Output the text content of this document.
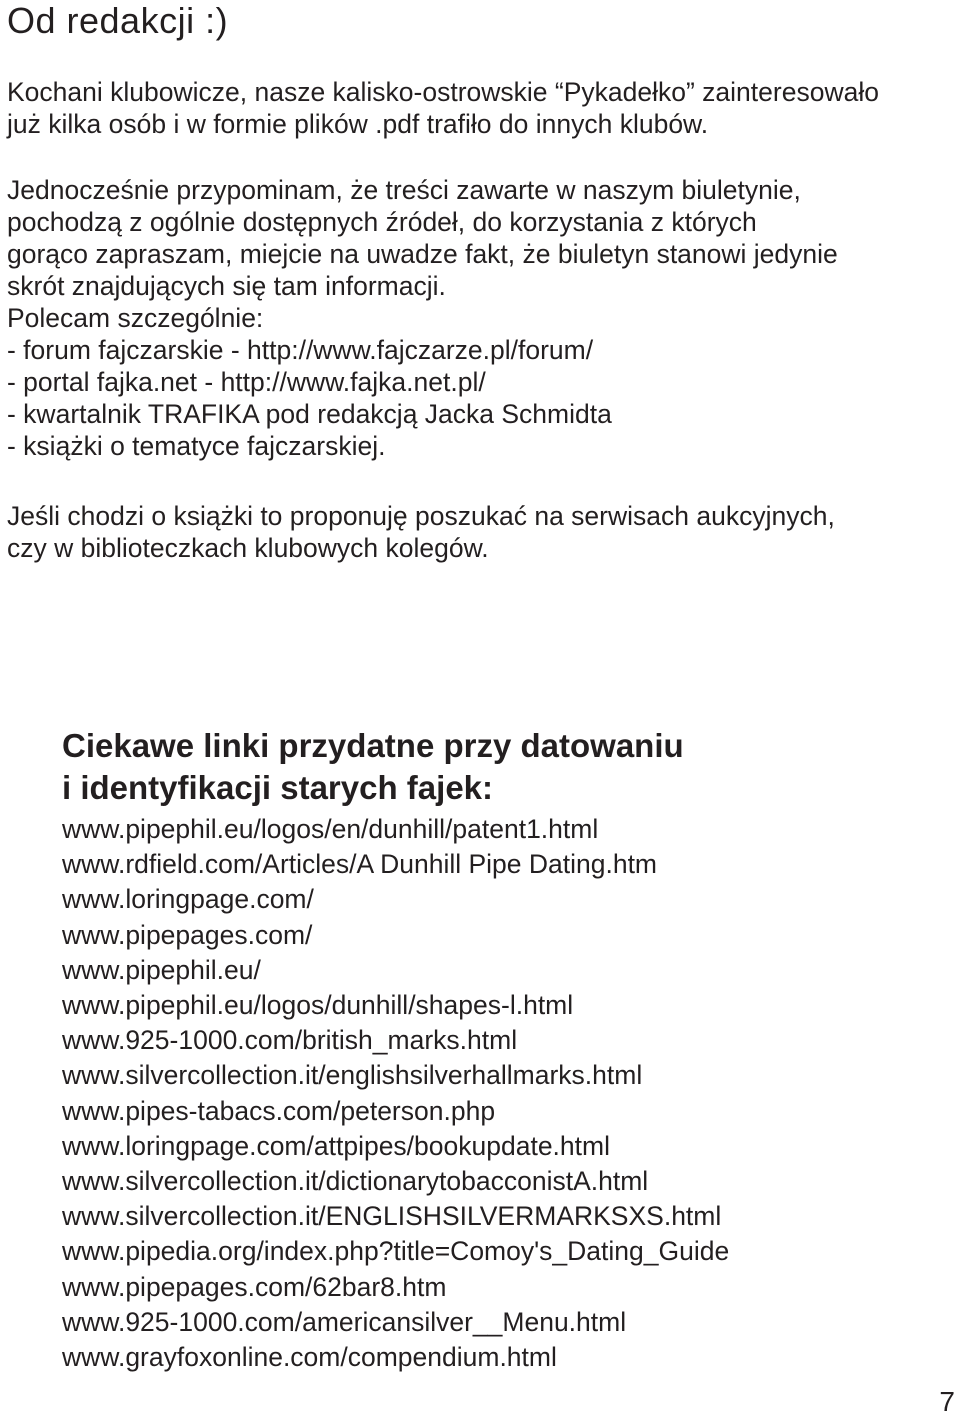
Od redakcji :)
Kochani klubowicze, nasze kalisko-ostrowskie “Pykadełko” zainteresowało
już kilka osób i w formie plików .pdf trafiło do innych klubów.
Jednocześnie przypominam, że treści zawarte w naszym biuletynie,
pochodzą z ogólnie dostępnych źródeł, do korzystania z których
gorąco zapraszam, miejcie na uwadze fakt, że biuletyn stanowi jedynie
skrót znajdujących się tam informacji.
Polecam szczególnie:
- forum fajczarskie - http://www.fajczarze.pl/forum/
- portal fajka.net - http://www.fajka.net.pl/
- kwartalnik TRAFIKA pod redakcją Jacka Schmidta
- książki o tematyce fajczarskiej.
Jeśli chodzi o książki to proponuję poszukać na serwisach aukcyjnych,
czy w biblioteczkach klubowych kolegów.
Ciekawe linki przydatne przy datowaniu
i identyfikacji starych fajek:
www.pipephil.eu/logos/en/dunhill/patent1.html
www.rdfield.com/Articles/A Dunhill Pipe Dating.htm
www.loringpage.com/
www.pipepages.com/
www.pipephil.eu/
www.pipephil.eu/logos/dunhill/shapes-l.html
www.925-1000.com/british_marks.html
www.silvercollection.it/englishsilverhallmarks.html
www.pipes-tabacs.com/peterson.php
www.loringpage.com/attpipes/bookupdate.html
www.silvercollection.it/dictionarytobacconistA.html
www.silvercollection.it/ENGLISHSILVERMARKSXS.html
www.pipedia.org/index.php?title=Comoy's_Dating_Guide
www.pipepages.com/62bar8.htm
www.925-1000.com/americansilver__Menu.html
www.grayfoxonline.com/compendium.html
7
